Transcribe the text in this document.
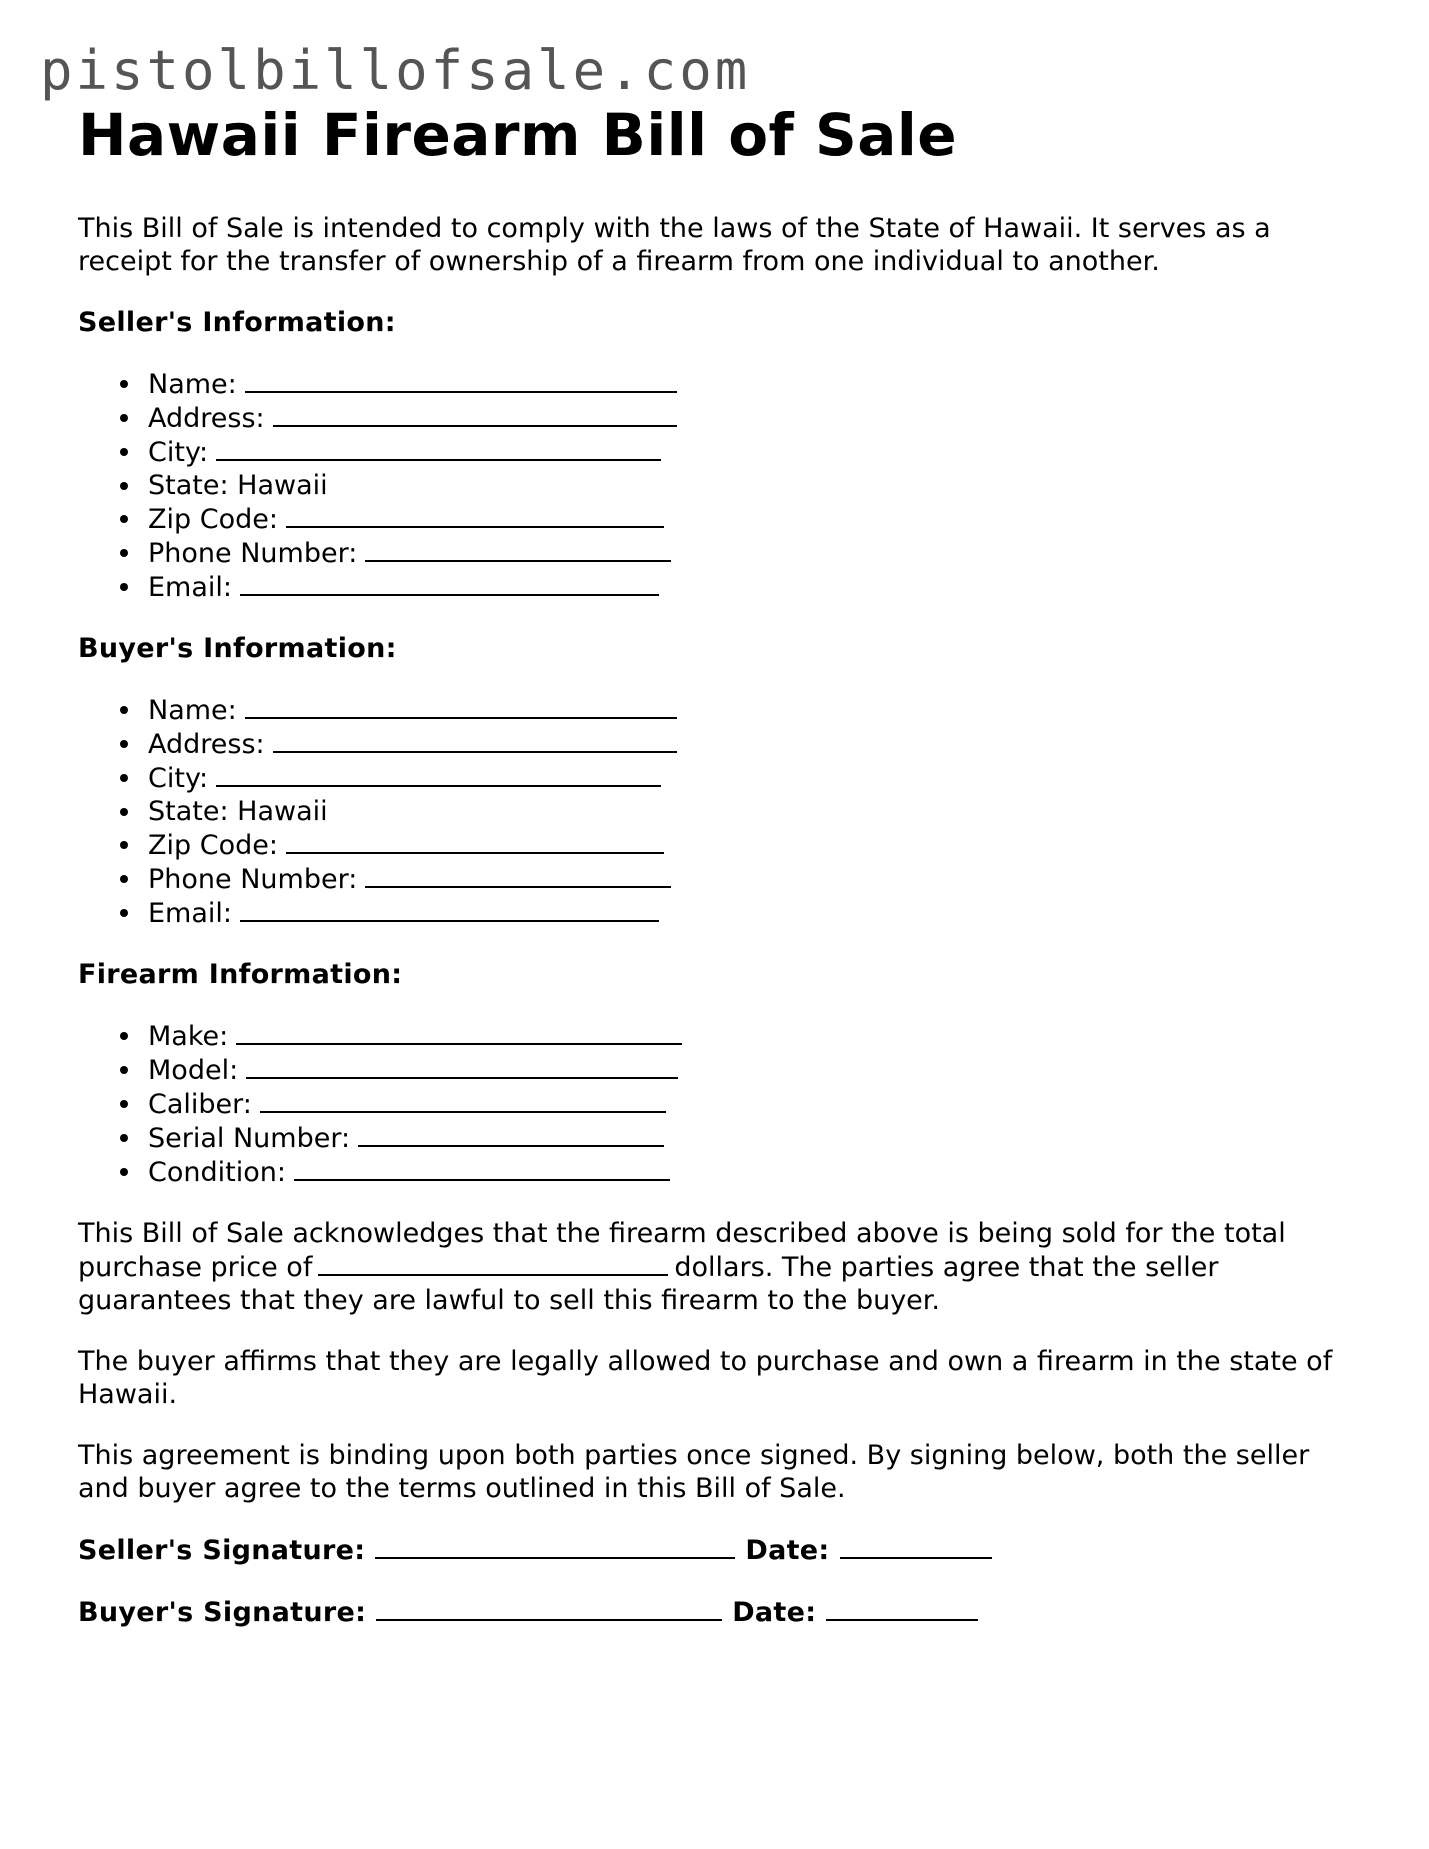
pistolbillofsale.com
Hawaii Firearm Bill of Sale

This Bill of Sale is intended to comply with the laws of the State of Hawaii. It serves as a receipt for the transfer of ownership of a firearm from one individual to another.

Seller's Information:
Name:
Address:
City:
State: Hawaii
Zip Code:
Phone Number:
Email:
Buyer's Information:
Name:
Address:
City:
State: Hawaii
Zip Code:
Phone Number:
Email:
Firearm Information:
Make:
Model:
Caliber:
Serial Number:
Condition:

This Bill of Sale acknowledges that the firearm described above is being sold for the total purchase price of	dollars. The parties agree that the seller guarantees that they are lawful to sell this firearm to the buyer.

The buyer affirms that they are legally allowed to purchase and own a firearm in the state of Hawaii.

This agreement is binding upon both parties once signed. By signing below, both the seller and buyer agree to the terms outlined in this Bill of Sale.

Seller's Signature:	Date:
Buyer's Signature:	Date:
